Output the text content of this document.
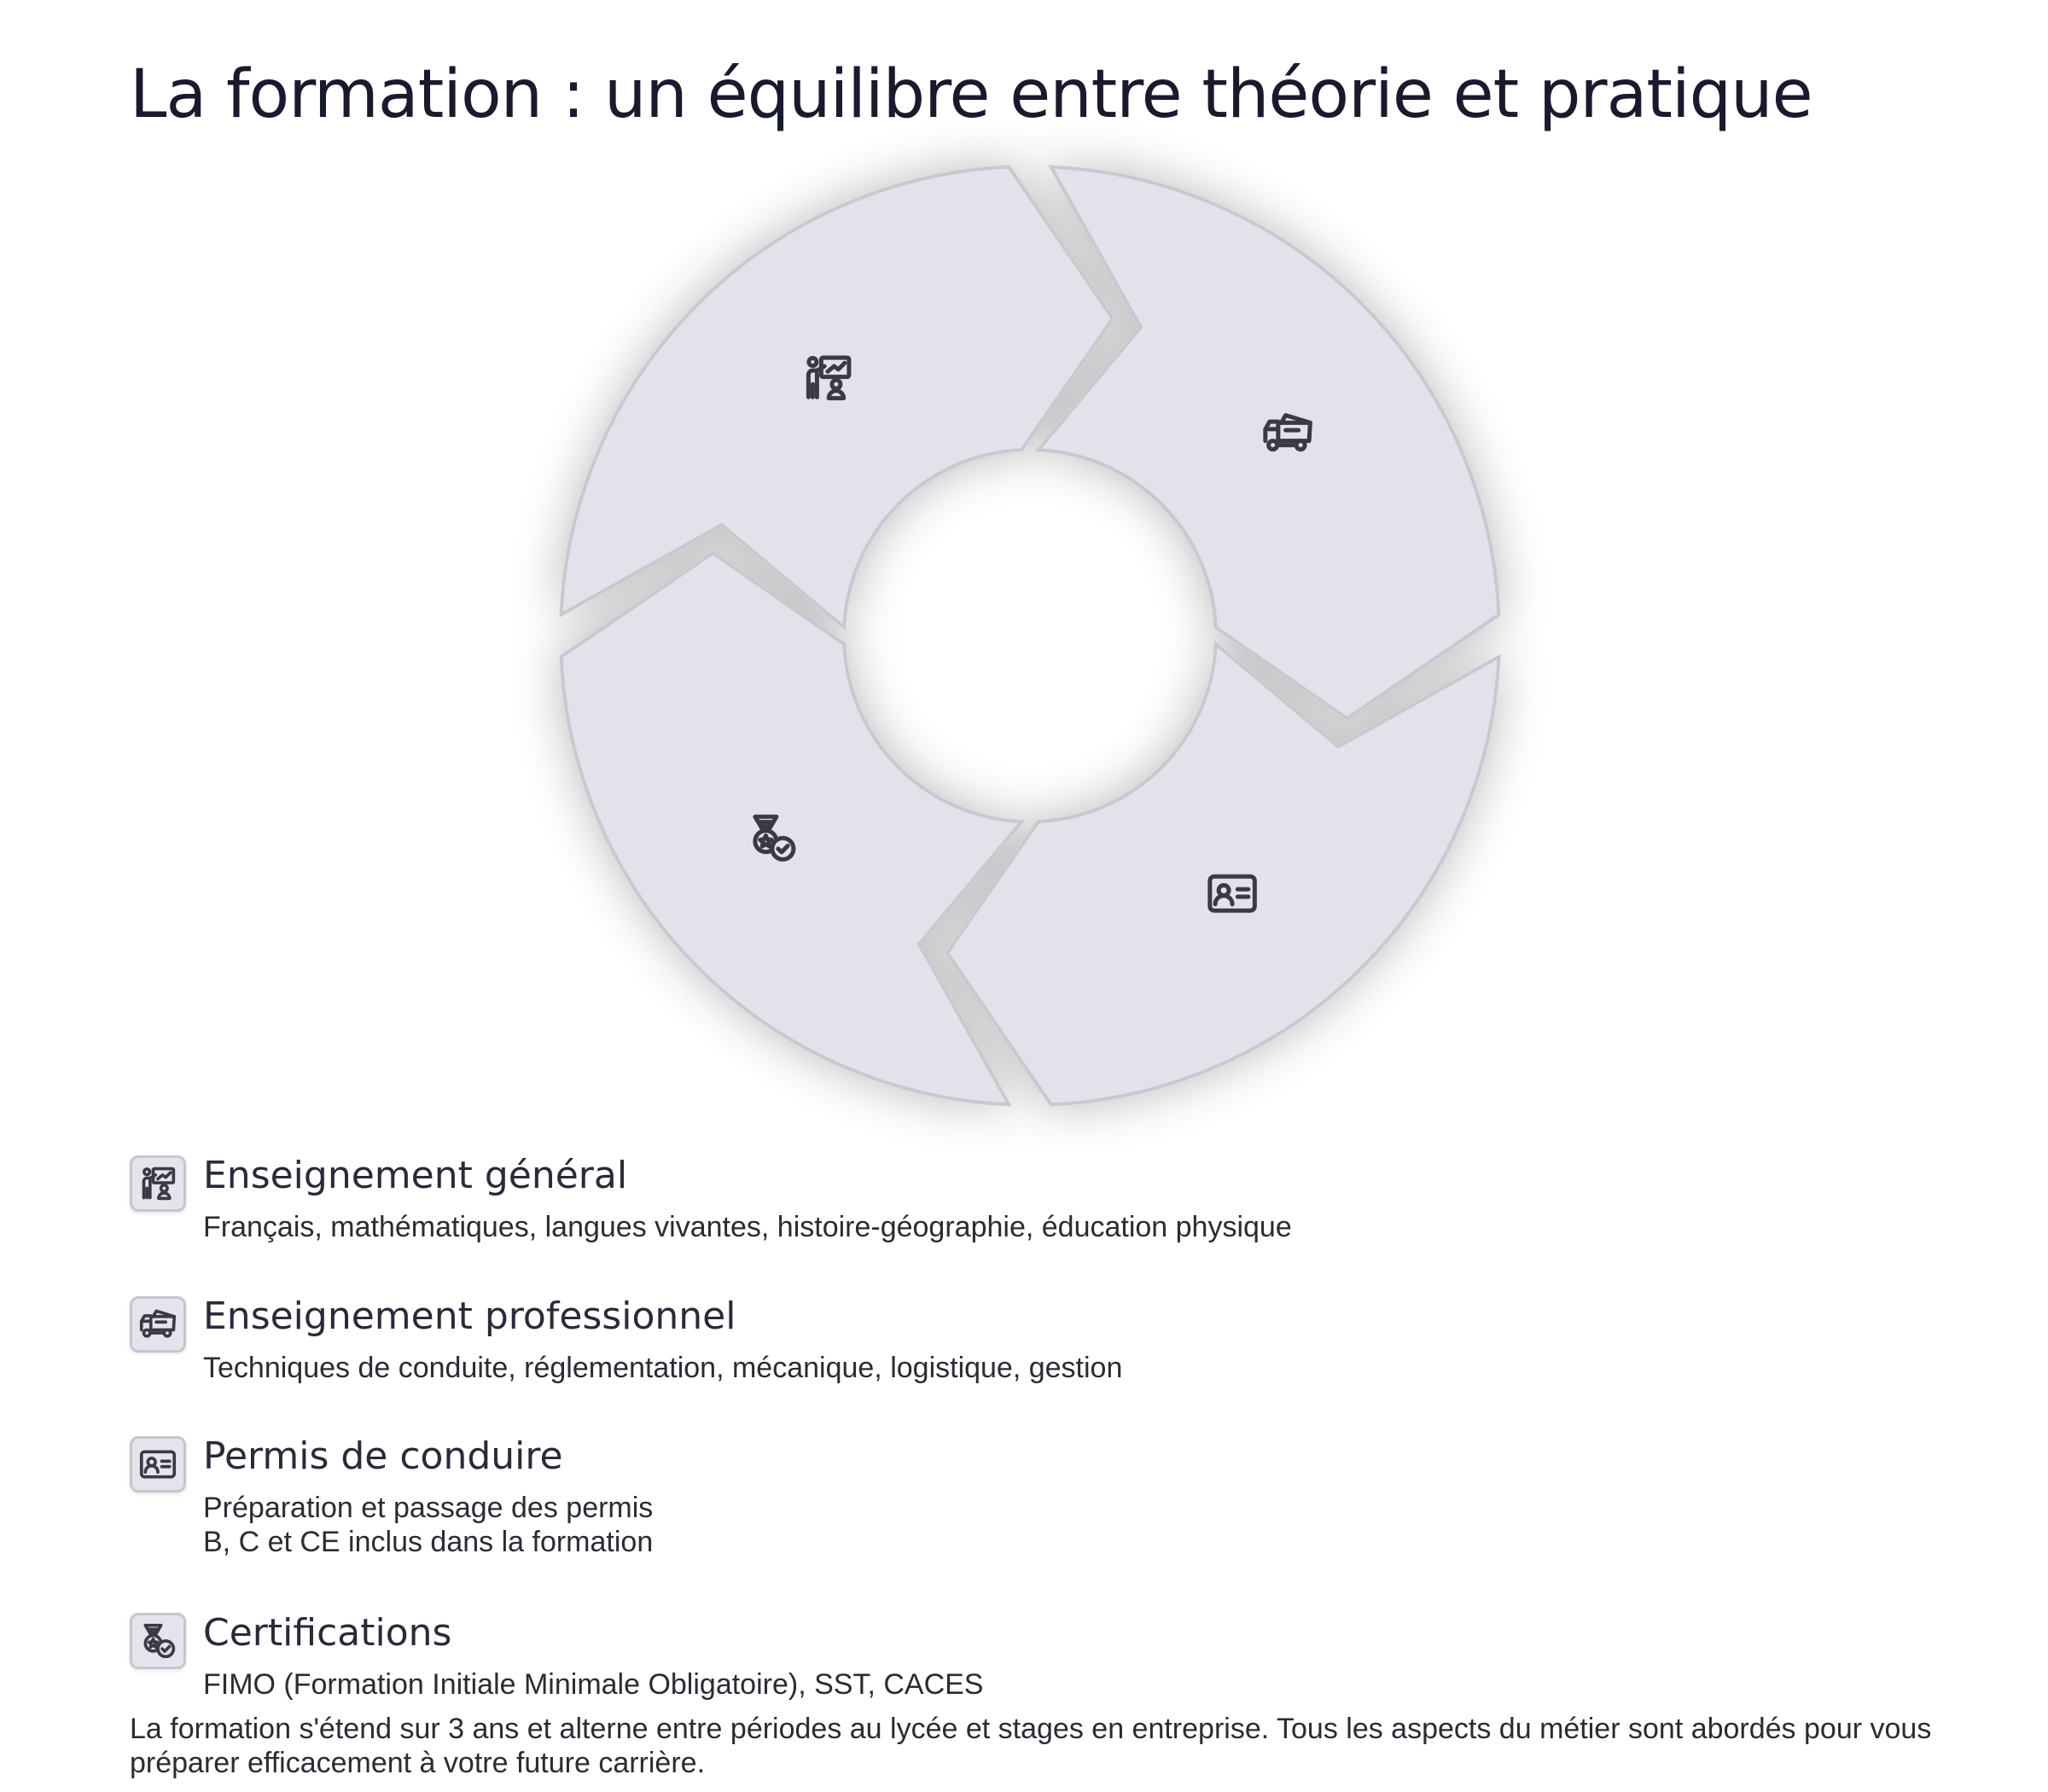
La formation : un équilibre entre théorie et pratique

Enseignement général

Français, mathématiques, langues vivantes, histoire-géographie, éducation physique

Enseignement professionnel

Techniques de conduite, réglementation, mécanique, logistique, gestion

Permis de conduire

Préparation et passage des permis
B, C et CE inclus dans la formation

Certifications

FIMO (Formation Initiale Minimale Obligatoire), SST, CACES

La formation s'étend sur 3 ans et alterne entre périodes au lycée et stages en entreprise. Tous les aspects du métier sont abordés pour vous préparer efficacement à votre future carrière.
